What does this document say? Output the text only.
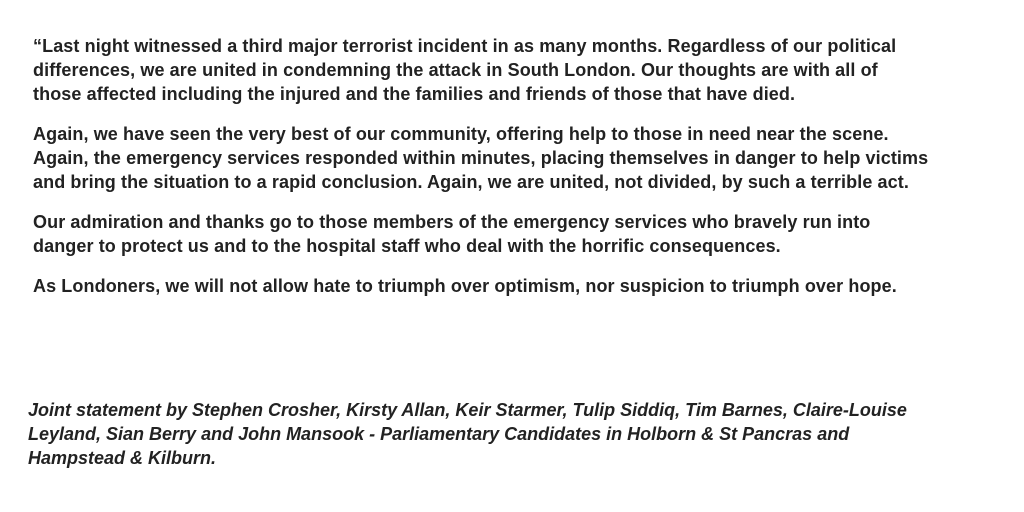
“Last night witnessed a third major terrorist incident in as many months. Regardless of our political
differences, we are united in condemning the attack in South London. Our thoughts are with all of
those affected including the injured and the families and friends of those that have died.

Again, we have seen the very best of our community, offering help to those in need near the scene.
Again, the emergency services responded within minutes, placing themselves in danger to help victims
and bring the situation to a rapid conclusion. Again, we are united, not divided, by such a terrible act.

Our admiration and thanks go to those members of the emergency services who bravely run into
danger to protect us and to the hospital staff who deal with the horrific consequences.

As Londoners, we will not allow hate to triumph over optimism, nor suspicion to triumph over hope.

Joint statement by Stephen Crosher, Kirsty Allan, Keir Starmer, Tulip Siddiq, Tim Barnes, Claire-Louise
Leyland, Sian Berry and John Mansook - Parliamentary Candidates in Holborn & St Pancras and
Hampstead & Kilburn.
